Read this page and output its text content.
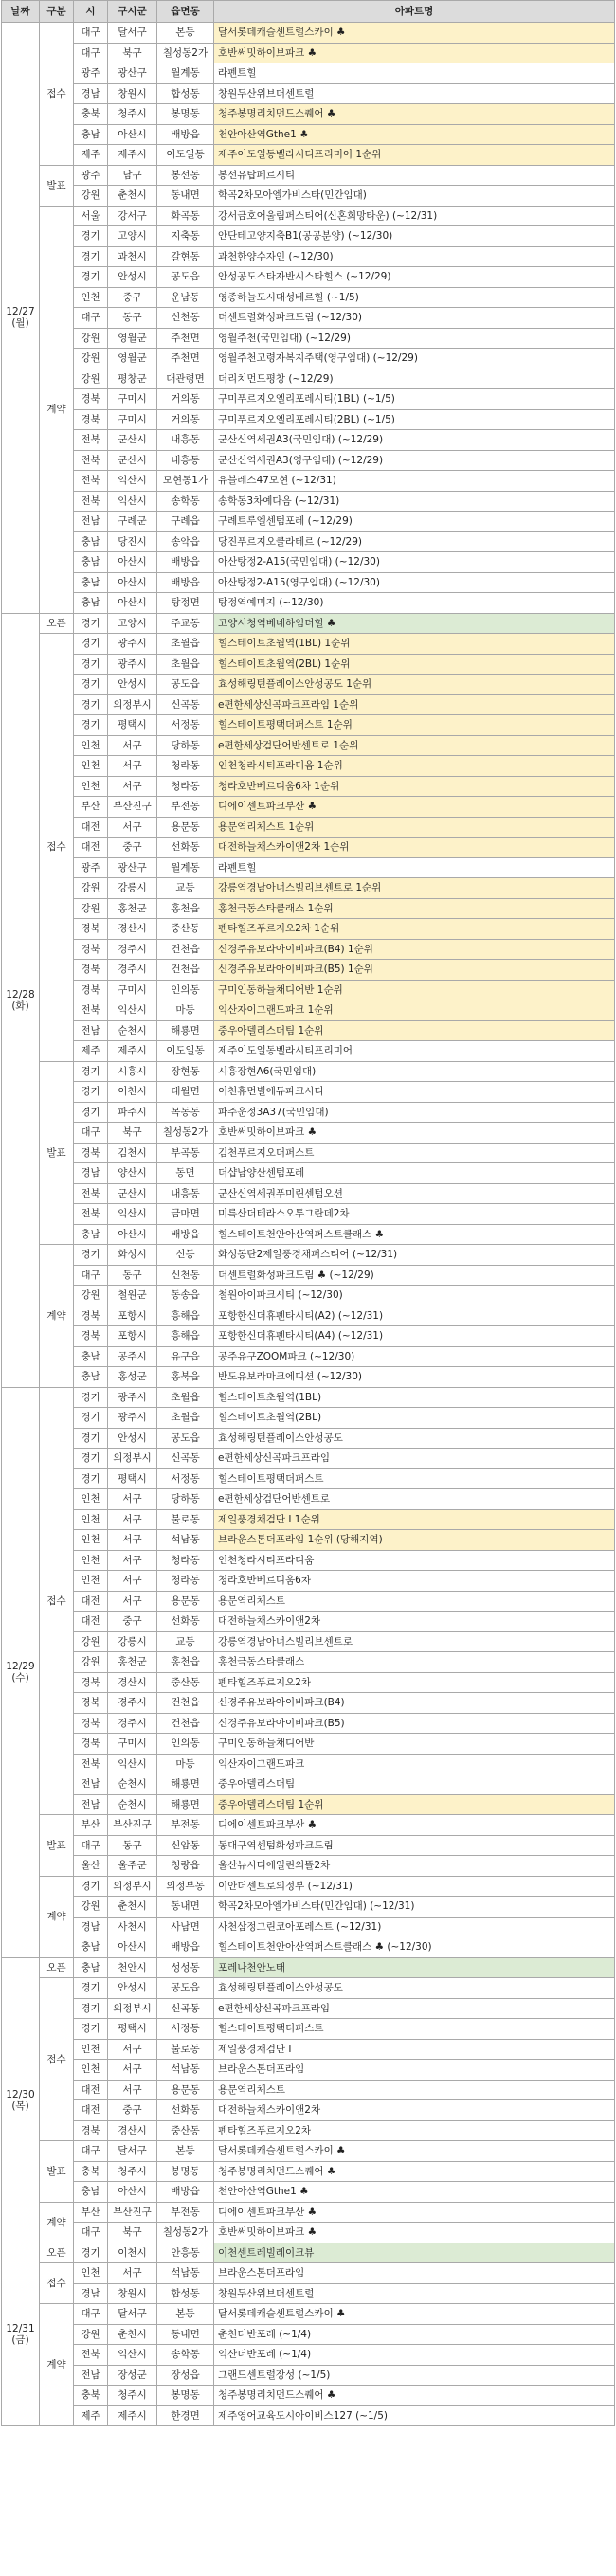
날짜	구분	시	구시군	읍면동	아파트명
12/27
(월)	접수	대구	달서구	본동	달서롯데캐슬센트럴스카이 ♣
		대구	북구	칠성동2가	호반써밋하이브파크 ♣
		광주	광산구	월계동	라펜트힐
		경남	창원시	합성동	창원두산위브더센트럴
		충북	청주시	봉명동	청주봉명리치먼드스퀘어 ♣
		충남	아산시	배방읍	천안아산역Gthe1 ♣
		제주	제주시	이도일동	제주이도일동벨라시티프리미어 1순위
	발표	광주	남구	봉선동	봉선유탑페르시티
		강원	춘천시	동내면	학곡2차모아엘가비스타(민간임대)
	계약	서울	강서구	화곡동	강서금호어울림퍼스티어(신혼희망타운) (~12/31)
		경기	고양시	지축동	안단테고양지축B1(공공분양) (~12/30)
		경기	과천시	갈현동	과천한양수자인 (~12/30)
		경기	안성시	공도읍	안성공도스타자반시스타힐스 (~12/29)
		인천	중구	운남동	영종하늘도시대성베르힐 (~1/5)
		대구	동구	신천동	더센트럴화성파크드림 (~12/30)
		강원	영월군	주천면	영월주천(국민임대) (~12/29)
		강원	영월군	주천면	영월주천고령자복지주택(영구임대) (~12/29)
		강원	평창군	대관령면	더리치먼드평창 (~12/29)
		경북	구미시	거의동	구미푸르지오엘리포레시티(1BL) (~1/5)
		경북	구미시	거의동	구미푸르지오엘리포레시티(2BL) (~1/5)
		전북	군산시	내흥동	군산신역세권A3(국민임대) (~12/29)
		전북	군산시	내흥동	군산신역세권A3(영구임대) (~12/29)
		전북	익산시	모현동1가	유블레스47모현 (~12/31)
		전북	익산시	송학동	송학동3차예다음 (~12/31)
		전남	구례군	구례읍	구례트루엘센텀포레 (~12/29)
		충남	당진시	송악읍	당진푸르지오클라테르 (~12/29)
		충남	아산시	배방읍	아산탕정2-A15(국민임대) (~12/30)
		충남	아산시	배방읍	아산탕정2-A15(영구임대) (~12/30)
		충남	아산시	탕정면	탕정역예미지 (~12/30)
12/28
(화)	오픈	경기	고양시	주교동	고양시청역베네하임더힐 ♣
	접수	경기	광주시	초월읍	힐스테이트초월역(1BL) 1순위
		경기	광주시	초월읍	힐스테이트초월역(2BL) 1순위
		경기	안성시	공도읍	효성해링턴플레이스안성공도 1순위
		경기	의정부시	신곡동	e편한세상신곡파크프라임 1순위
		경기	평택시	서정동	힐스테이트평택더퍼스트 1순위
		인천	서구	당하동	e편한세상검단어반센트로 1순위
		인천	서구	청라동	인천청라시티프라디움 1순위
		인천	서구	청라동	청라호반베르디움6차 1순위
		부산	부산진구	부전동	디에이센트파크부산 ♣
		대전	서구	용문동	용문역리체스트 1순위
		대전	중구	선화동	대전하늘채스카이앤2차 1순위
		광주	광산구	월계동	라펜트힐
		강원	강릉시	교동	강릉역경남아너스빌리브센트로 1순위
		강원	홍천군	홍천읍	홍천극동스타클래스 1순위
		경북	경산시	중산동	펜타힐즈푸르지오2차 1순위
		경북	경주시	건천읍	신경주유보라아이비파크(B4) 1순위
		경북	경주시	건천읍	신경주유보라아이비파크(B5) 1순위
		경북	구미시	인의동	구미인동하늘채디어반 1순위
		전북	익산시	마동	익산자이그랜드파크 1순위
		전남	순천시	해룡면	중우아델리스더팀 1순위
		제주	제주시	이도일동	제주이도일동벨라시티프리미어
	발표	경기	시흥시	장현동	시흥장현A6(국민임대)
		경기	이천시	대월면	이천휴먼빌에듀파크시티
		경기	파주시	목동동	파주운정3A37(국민임대)
		대구	북구	칠성동2가	호반써밋하이브파크 ♣
		경북	김천시	부곡동	김천푸르지오더퍼스트
		경남	양산시	동면	더샵남양산센텀포레
		전북	군산시	내흥동	군산신역세권푸미린센텀오션
		전북	익산시	금마면	미륵산더테라스오투그란데2차
		충남	아산시	배방읍	힐스테이트천안아산역퍼스트클래스 ♣
	계약	경기	화성시	신동	화성동탄2제일풍경채퍼스티어 (~12/31)
		대구	동구	신천동	더센트럴화성파크드림 ♣ (~12/29)
		강원	철원군	동송읍	철원아이파크시티 (~12/30)
		경북	포항시	흥해읍	포항한신더휴펜타시티(A2) (~12/31)
		경북	포항시	흥해읍	포항한신더휴펜타시티(A4) (~12/31)
		충남	공주시	유구읍	공주유구ZOOM파크 (~12/30)
		충남	홍성군	홍북읍	반도유보라마크에디션 (~12/30)
12/29
(수)	접수	경기	광주시	초월읍	힐스테이트초월역(1BL)
		경기	광주시	초월읍	힐스테이트초월역(2BL)
		경기	안성시	공도읍	효성해링턴플레이스안성공도
		경기	의정부시	신곡동	e편한세상신곡파크프라임
		경기	평택시	서정동	힐스테이트평택더퍼스트
		인천	서구	당하동	e편한세상검단어반센트로
		인천	서구	불로동	제일풍경채검단 I 1순위
		인천	서구	석남동	브라운스톤더프라임 1순위 (당해지역)
		인천	서구	청라동	인천청라시티프라디움
		인천	서구	청라동	청라호반베르디움6차
		대전	서구	용문동	용문역리체스트
		대전	중구	선화동	대전하늘채스카이앤2차
		강원	강릉시	교동	강릉역경남아너스빌리브센트로
		강원	홍천군	홍천읍	홍천극동스타클래스
		경북	경산시	중산동	펜타힐즈푸르지오2차
		경북	경주시	건천읍	신경주유보라아이비파크(B4)
		경북	경주시	건천읍	신경주유보라아이비파크(B5)
		경북	구미시	인의동	구미인동하늘채디어반
		전북	익산시	마동	익산자이그랜드파크
		전남	순천시	해룡면	중우아델리스더팀
		전남	순천시	해룡면	중우아델리스더팀 1순위
	발표	부산	부산진구	부전동	디에이센트파크부산 ♣
		대구	동구	신암동	동대구역센텀화성파크드림
		울산	울주군	청량읍	울산뉴시티에일린의뜰2차
	계약	경기	의정부시	의정부동	이안더센트로의정부 (~12/31)
		강원	춘천시	동내면	학곡2차모아엘가비스타(민간임대) (~12/31)
		경남	사천시	사남면	사천삼정그린코아포레스트 (~12/31)
		충남	아산시	배방읍	힐스테이트천안아산역퍼스트클래스 ♣ (~12/30)
12/30
(목)	오픈	충남	천안시	성성동	포레나천안노태
	접수	경기	안성시	공도읍	효성해링턴플레이스안성공도
		경기	의정부시	신곡동	e편한세상신곡파크프라임
		경기	평택시	서정동	힐스테이트평택더퍼스트
		인천	서구	불로동	제일풍경채검단 I
		인천	서구	석남동	브라운스톤더프라임
		대전	서구	용문동	용문역리체스트
		대전	중구	선화동	대전하늘채스카이앤2차
		경북	경산시	중산동	펜타힐즈푸르지오2차
	발표	대구	달서구	본동	달서롯데캐슬센트럴스카이 ♣
		충북	청주시	봉명동	청주봉명리치먼드스퀘어 ♣
		충남	아산시	배방읍	천안아산역Gthe1 ♣
	계약	부산	부산진구	부전동	디에이센트파크부산 ♣
		대구	북구	칠성동2가	호반써밋하이브파크 ♣
12/31
(금)	오픈	경기	이천시	안흥동	이천센트레빌레이크뷰
	접수	인천	서구	석남동	브라운스톤더프라임
		경남	창원시	합성동	창원두산위브더센트럴
	계약	대구	달서구	본동	달서롯데캐슬센트럴스카이 ♣
		강원	춘천시	동내면	춘천더반포레 (~1/4)
		전북	익산시	송학동	익산더반포레 (~1/4)
		전남	장성군	장성읍	그랜드센트럴장성 (~1/5)
		충북	청주시	봉명동	청주봉명리치먼드스퀘어 ♣
		제주	제주시	한경면	제주영어교육도시아이비스127 (~1/5)
